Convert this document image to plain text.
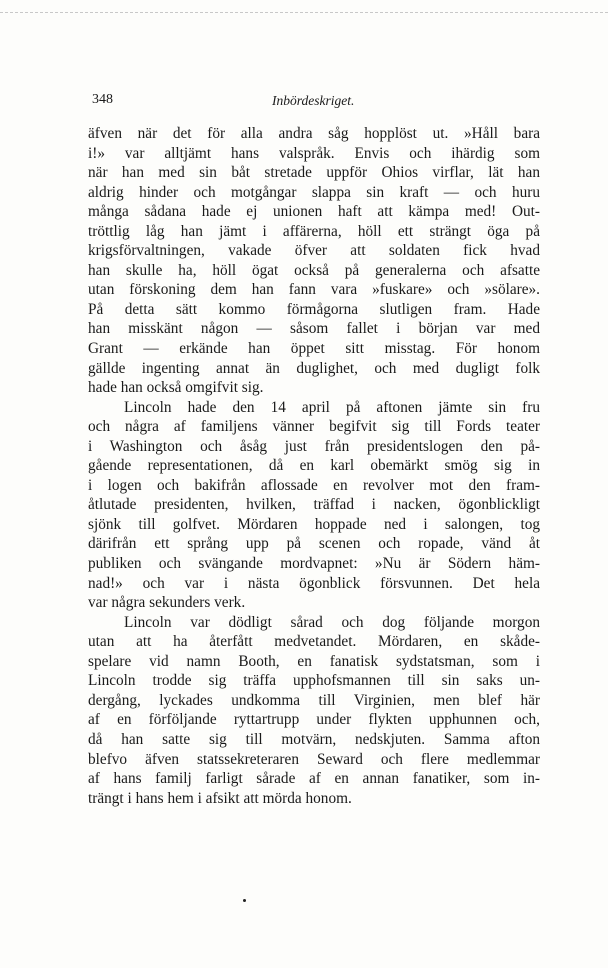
348	Inbördeskriget.
äfven när det för alla andra såg hopplöst ut. »Håll bara
i!» var alltjämt hans valspråk. Envis och ihärdig som
när han med sin båt stretade uppför Ohios virflar, lät han
aldrig hinder och motgångar slappa sin kraft — och huru
många sådana hade ej unionen haft att kämpa med! Out-
tröttlig låg han jämt i affärerna, höll ett strängt öga på
krigsförvaltningen, vakade öfver att soldaten fick hvad
han skulle ha, höll ögat också på generalerna och afsatte
utan förskoning dem han fann vara »fuskare» och »sölare».
På detta sätt kommo förmågorna slutligen fram. Hade
han misskänt någon — såsom fallet i början var med
Grant — erkände han öppet sitt misstag. För honom
gällde ingenting annat än duglighet, och med dugligt folk
hade han också omgifvit sig.
Lincoln hade den 14 april på aftonen jämte sin fru
och några af familjens vänner begifvit sig till Fords teater
i Washington och åsåg just från presidentslogen den på-
gående representationen, då en karl obemärkt smög sig in
i logen och bakifrån aflossade en revolver mot den fram-
åtlutade presidenten, hvilken, träffad i nacken, ögonblickligt
sjönk till golfvet. Mördaren hoppade ned i salongen, tog
därifrån ett språng upp på scenen och ropade, vänd åt
publiken och svängande mordvapnet: »Nu är Södern häm-
nad!» och var i nästa ögonblick försvunnen. Det hela
var några sekunders verk.
Lincoln var dödligt sårad och dog följande morgon
utan att ha återfått medvetandet. Mördaren, en skåde-
spelare vid namn Booth, en fanatisk sydstatsman, som i
Lincoln trodde sig träffa upphofsmannen till sin saks un-
dergång, lyckades undkomma till Virginien, men blef här
af en förföljande ryttartrupp under flykten upphunnen och,
då han satte sig till motvärn, nedskjuten. Samma afton
blefvo äfven statssekreteraren Seward och flere medlemmar
af hans familj farligt sårade af en annan fanatiker, som in-
trängt i hans hem i afsikt att mörda honom.
